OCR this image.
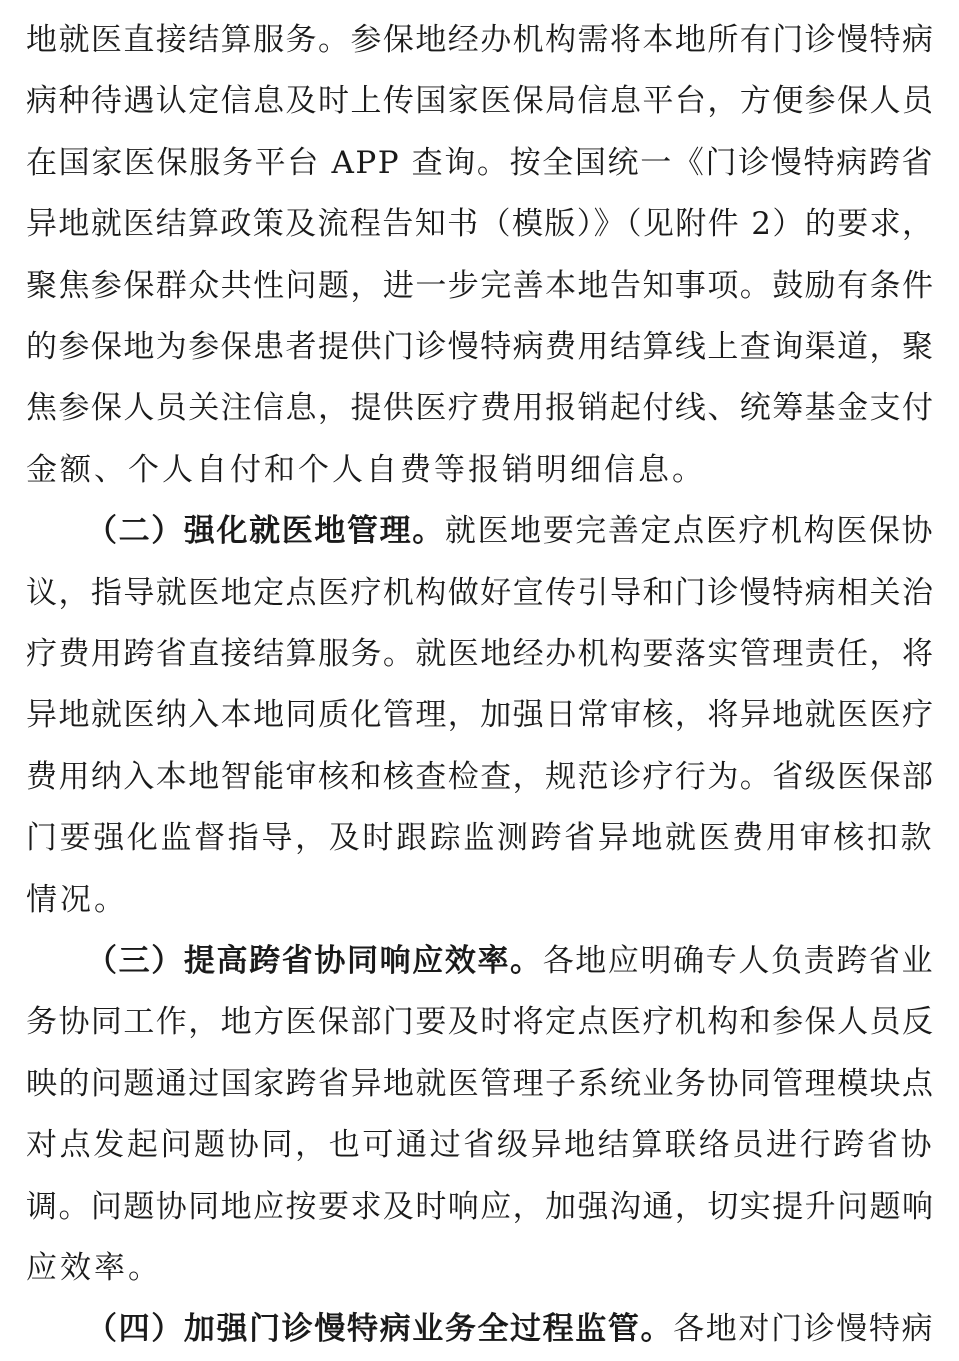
地就医直接结算服务。参保地经办机构需将本地所有门诊慢特病
病种待遇认定信息及时上传国家医保局信息平台，方便参保人员
在国家医保服务平台 APP 查询。按全国统一《门诊慢特病跨省
异地就医结算政策及流程告知书（模版）》（见附件 2）的要求，
聚焦参保群众共性问题，进一步完善本地告知事项。鼓励有条件
的参保地为参保患者提供门诊慢特病费用结算线上查询渠道，聚
焦参保人员关注信息，提供医疗费用报销起付线、统筹基金支付
金额、个人自付和个人自费等报销明细信息。
（二）强化就医地管理。就医地要完善定点医疗机构医保协
议，指导就医地定点医疗机构做好宣传引导和门诊慢特病相关治
疗费用跨省直接结算服务。就医地经办机构要落实管理责任，将
异地就医纳入本地同质化管理，加强日常审核，将异地就医医疗
费用纳入本地智能审核和核查检查，规范诊疗行为。省级医保部
门要强化监督指导，及时跟踪监测跨省异地就医费用审核扣款
情况。
（三）提高跨省协同响应效率。各地应明确专人负责跨省业
务协同工作，地方医保部门要及时将定点医疗机构和参保人员反
映的问题通过国家跨省异地就医管理子系统业务协同管理模块点
对点发起问题协同，也可通过省级异地结算联络员进行跨省协
调。问题协同地应按要求及时响应，加强沟通，切实提升问题响
应效率。
（四）加强门诊慢特病业务全过程监管。各地对门诊慢特病
